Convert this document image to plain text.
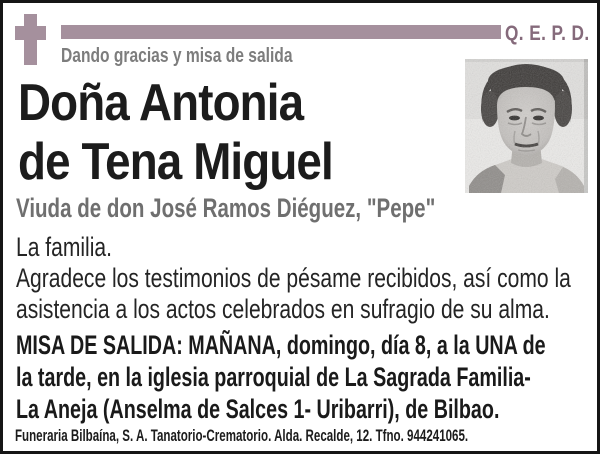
Q. E. P. D.
Dando gracias y misa de salida
Doña Antonia
de Tena Miguel
Viuda de don José Ramos Diéguez, "Pepe"
La familia.
Agradece los testimonios de pésame recibidos, así como la
asistencia a los actos celebrados en sufragio de su alma.
MISA DE SALIDA: MAÑANA, domingo, día 8, a la UNA de
la tarde, en la iglesia parroquial de La Sagrada Familia-
La Aneja (Anselma de Salces 1- Uribarri), de Bilbao.
Funeraria Bilbaína, S. A. Tanatorio-Crematorio. Alda. Recalde, 12. Tfno. 944241065.
